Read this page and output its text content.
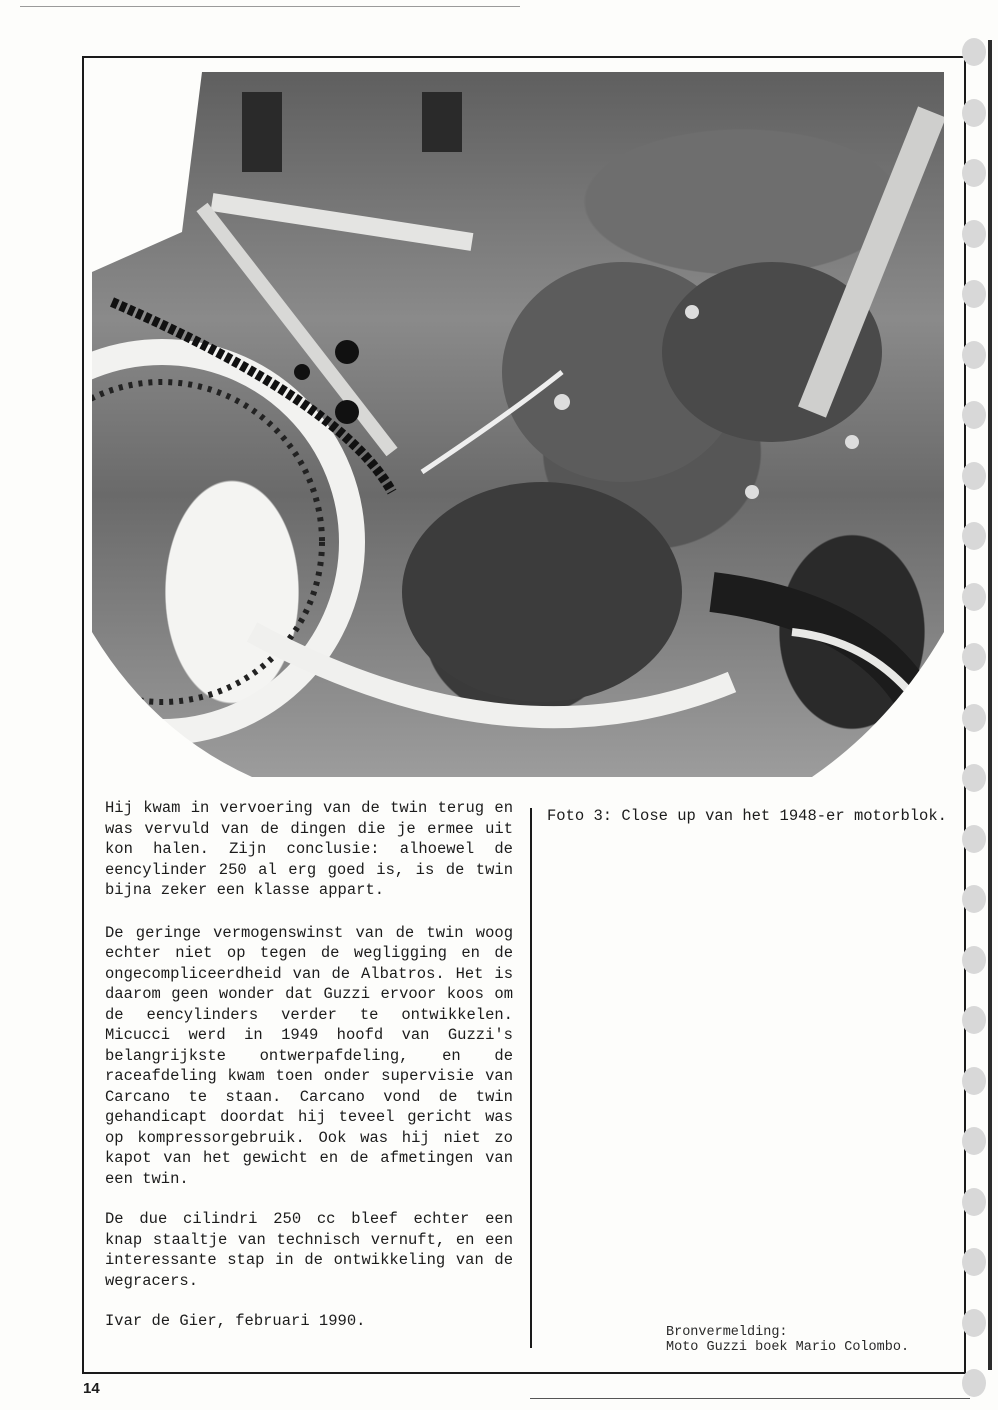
Hij kwam in vervoering van de twin terug en was vervuld van de dingen die je ermee uit kon halen. Zijn conclusie: alhoewel de eencylinder 250 al erg goed is, is de twin bijna zeker een klasse appart.

De geringe vermogenswinst van de twin woog echter niet op tegen de wegligging en de ongecompliceerdheid van de Albatros. Het is daarom geen wonder dat Guzzi ervoor koos om de eencylinders verder te ontwikkelen. Micucci werd in 1949 hoofd van Guzzi's belangrijkste ontwerpafdeling, en de raceafdeling kwam toen onder supervisie van Carcano te staan. Carcano vond de twin gehandicapt doordat hij teveel gericht was op kompressorgebruik. Ook was hij niet zo kapot van het gewicht en de afmetingen van een twin.

De due cilindri 250 cc bleef echter een knap staaltje van technisch vernuft, en een interessante stap in de ontwikkeling van de wegracers.

Ivar de Gier, februari 1990.

Foto 3: Close up van het 1948-er motorblok.

Bronvermelding:
Moto Guzzi boek Mario Colombo.
14
